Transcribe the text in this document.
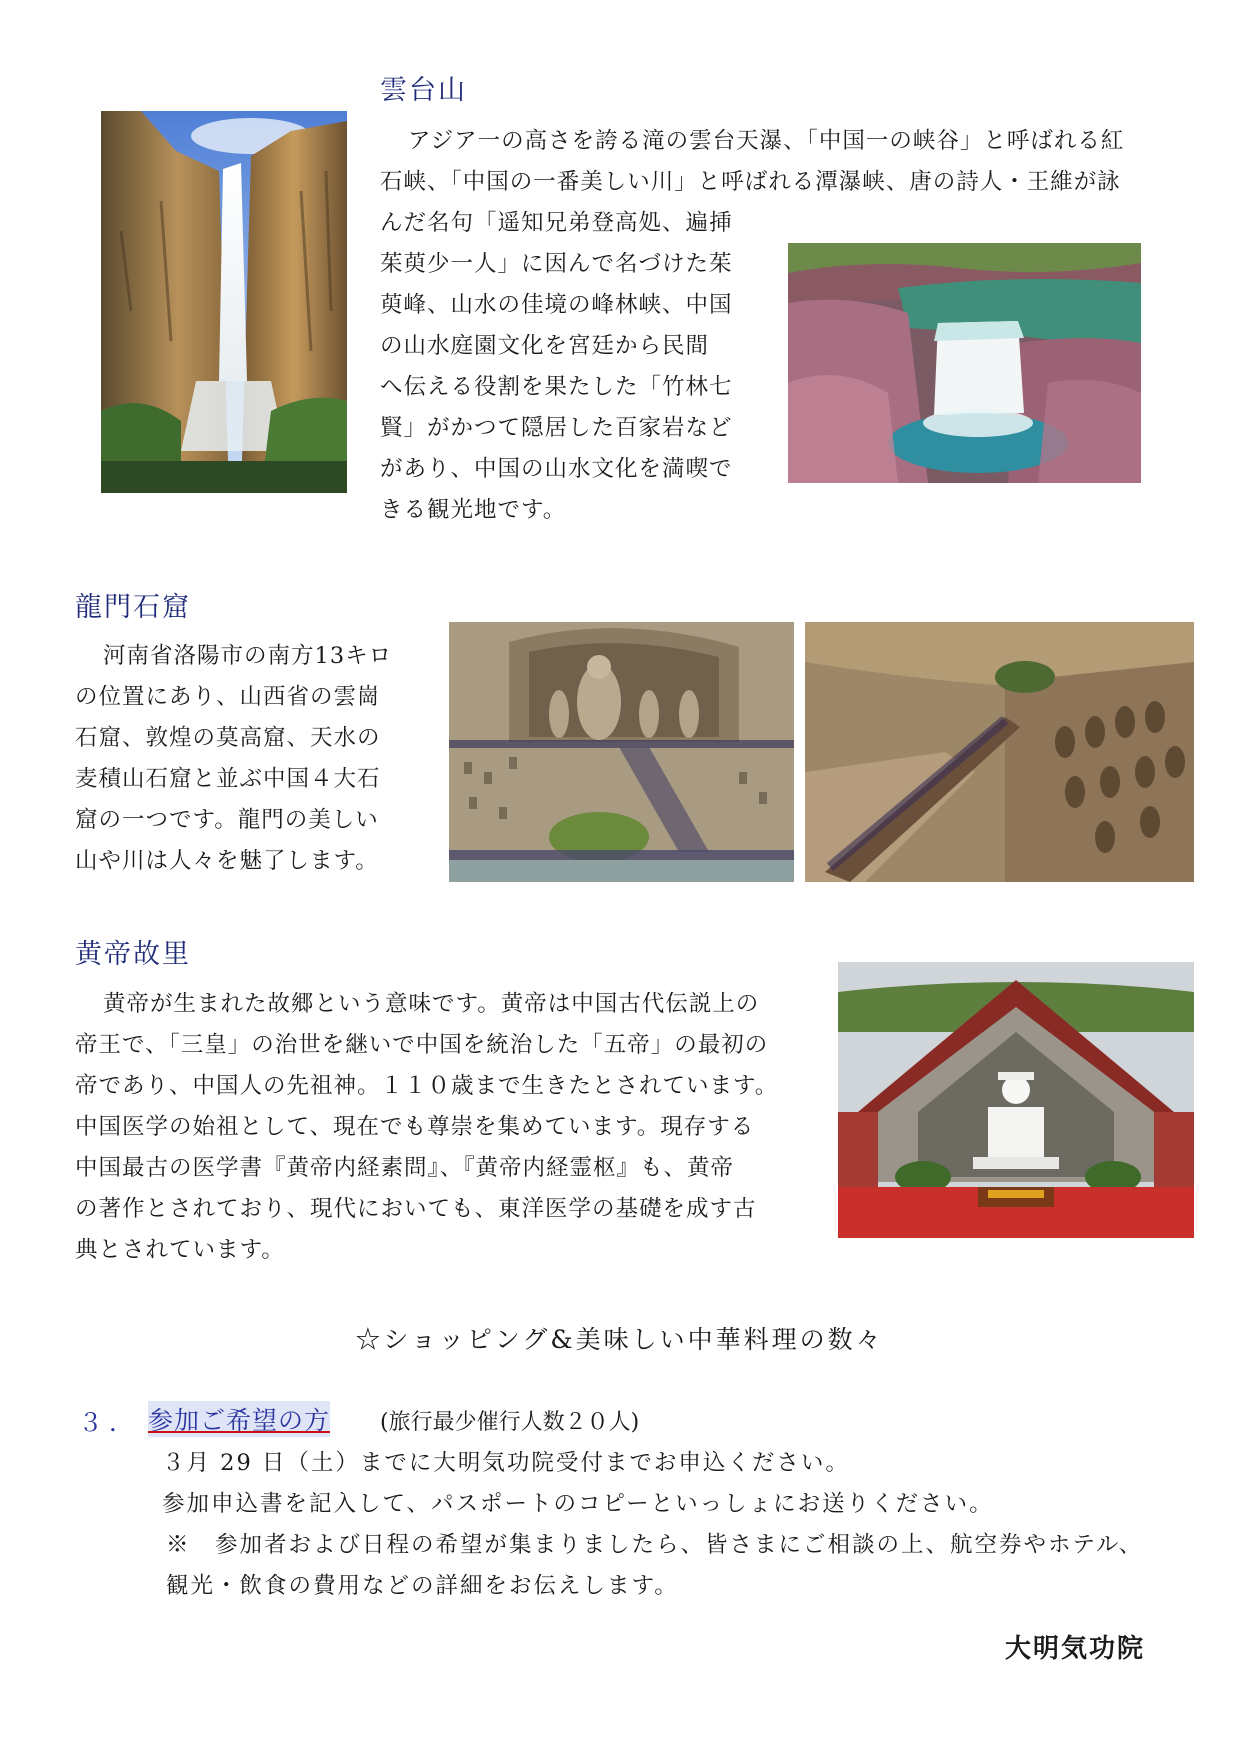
雲台山
アジア一の高さを誇る滝の雲台天瀑、「中国一の峡谷」と呼ばれる紅
石峡、「中国の一番美しい川」と呼ばれる潭瀑峡、唐の詩人・王維が詠
んだ名句「遥知兄弟登高処、遍挿
茱萸少一人」に因んで名づけた茱
萸峰、山水の佳境の峰林峡、中国
の山水庭園文化を宮廷から民間
へ伝える役割を果たした「竹林七
賢」がかつて隠居した百家岩など
があり、中国の山水文化を満喫で
きる観光地です。
龍門石窟
河南省洛陽市の南方13キロ
の位置にあり、山西省の雲崗
石窟、敦煌の莫高窟、天水の
麦積山石窟と並ぶ中国４大石
窟の一つです。龍門の美しい
山や川は人々を魅了します。
黄帝故里
黄帝が生まれた故郷という意味です。黄帝は中国古代伝説上の
帝王で、「三皇」の治世を継いで中国を統治した「五帝」の最初の
帝であり、中国人の先祖神。１１０歳まで生きたとされています。
中国医学の始祖として、現在でも尊崇を集めています。現存する
中国最古の医学書『黄帝内経素問』、『黄帝内経霊枢』も、黄帝
の著作とされており、現代においても、東洋医学の基礎を成す古
典とされています。
☆ショッピング&美味しい中華料理の数々
３． 参加ご希望の方 (旅行最少催行人数２０人)
３月 29 日（土）までに大明気功院受付までお申込ください。
参加申込書を記入して、パスポートのコピーといっしょにお送りください。
※　参加者および日程の希望が集まりましたら、皆さまにご相談の上、航空券やホテル、
観光・飲食の費用などの詳細をお伝えします。
大明気功院
